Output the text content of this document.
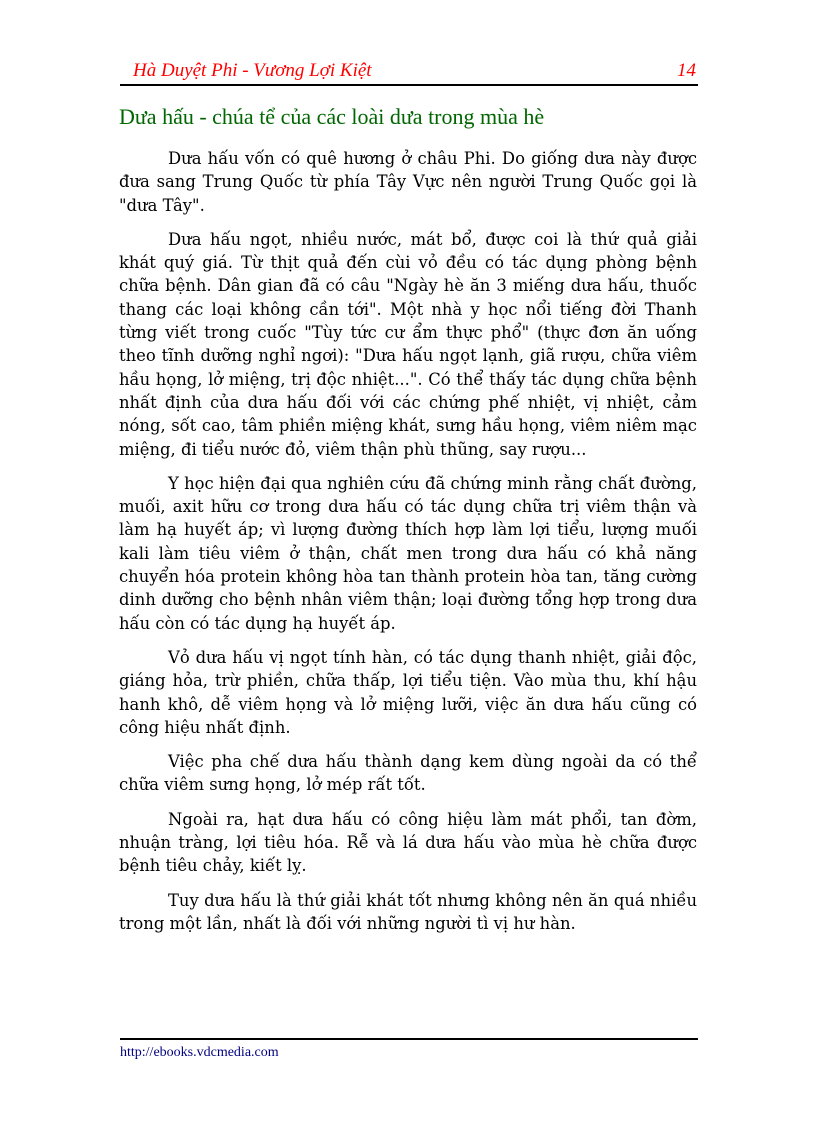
Hà Duyệt Phi - Vương Lợi Kiệt	14
Dưa hấu - chúa tể của các loài dưa trong mùa hè

Dưa hấu vốn có quê hương ở châu Phi. Do giống dưa này được đưa sang Trung Quốc từ phía Tây Vực nên người Trung Quốc gọi là "dưa Tây".

Dưa hấu ngọt, nhiều nước, mát bổ, được coi là thứ quả giải khát quý giá. Từ thịt quả đến cùi vỏ đều có tác dụng phòng bệnh chữa bệnh. Dân gian đã có câu "Ngày hè ăn 3 miếng dưa hấu, thuốc thang các loại không cần tới". Một nhà y học nổi tiếng đời Thanh từng viết trong cuốc "Tùy tức cư ẩm thực phổ" (thực đơn ăn uống theo tĩnh dưỡng nghỉ ngơi): "Dưa hấu ngọt lạnh, giã rượu, chữa viêm hầu họng, lở miệng, trị độc nhiệt...". Có thể thấy tác dụng chữa bệnh nhất định của dưa hấu đối với các chứng phế nhiệt, vị nhiệt, cảm nóng, sốt cao, tâm phiền miệng khát, sưng hầu họng, viêm niêm mạc miệng, đi tiểu nước đỏ, viêm thận phù thũng, say rượu...

Y học hiện đại qua nghiên cứu đã chứng minh rằng chất đường, muối, axit hữu cơ trong dưa hấu có tác dụng chữa trị viêm thận và làm hạ huyết áp; vì lượng đường thích hợp làm lợi tiểu, lượng muối kali làm tiêu viêm ở thận, chất men trong dưa hấu có khả năng chuyển hóa protein không hòa tan thành protein hòa tan, tăng cường dinh dưỡng cho bệnh nhân viêm thận; loại đường tổng hợp trong dưa hấu còn có tác dụng hạ huyết áp.

Vỏ dưa hấu vị ngọt tính hàn, có tác dụng thanh nhiệt, giải độc, giáng hỏa, trừ phiền, chữa thấp, lợi tiểu tiện. Vào mùa thu, khí hậu hanh khô, dễ viêm họng và lở miệng lưỡi, việc ăn dưa hấu cũng có công hiệu nhất định.

Việc pha chế dưa hấu thành dạng kem dùng ngoài da có thể chữa viêm sưng họng, lở mép rất tốt.

Ngoài ra, hạt dưa hấu có công hiệu làm mát phổi, tan đờm, nhuận tràng, lợi tiêu hóa. Rễ và lá dưa hấu vào mùa hè chữa được bệnh tiêu chảy, kiết lỵ.

Tuy dưa hấu là thứ giải khát tốt nhưng không nên ăn quá nhiều trong một lần, nhất là đối với những người tì vị hư hàn.

http://ebooks.vdcmedia.com
